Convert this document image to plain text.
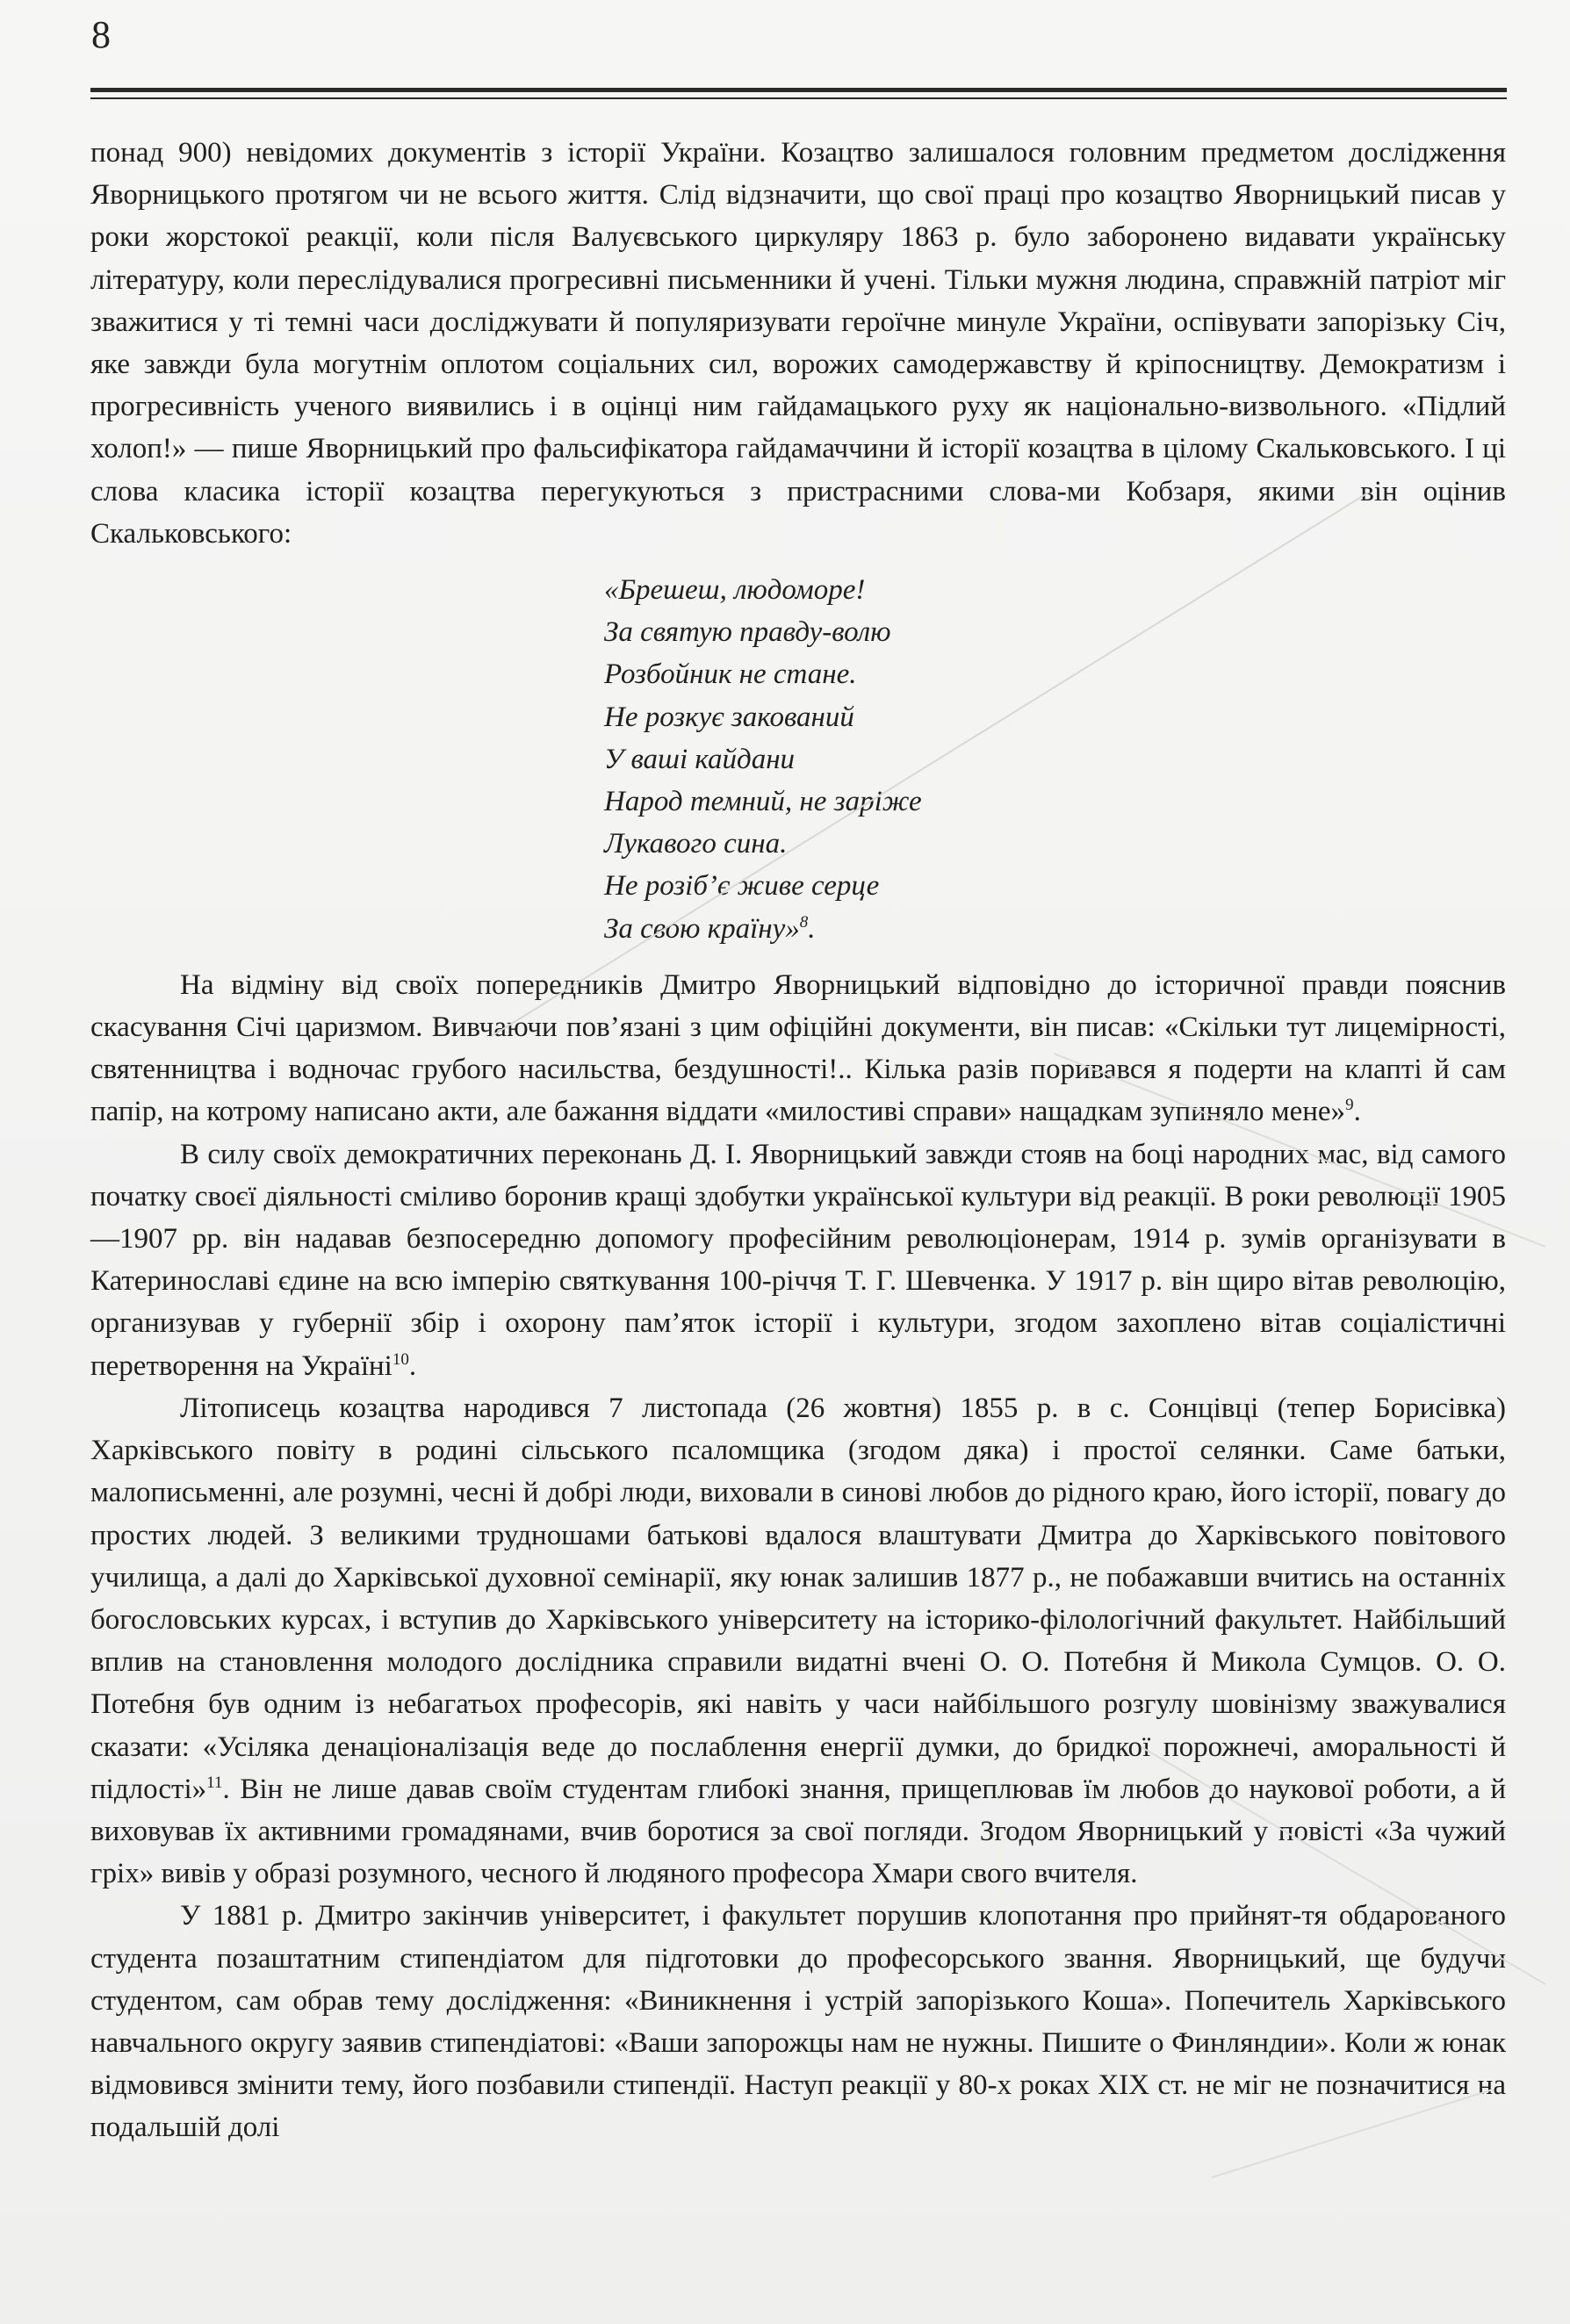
8

понад 900) невідомих документів з історії України. Козацтво залишалося головним предметом дослідження Яворницького протягом чи не всього життя. Слід відзначити, що свої праці про козацтво Яворницький писав у роки жорстокої реакції, коли після Валуєвського циркуляру 1863 р. було заборонено видавати українську літературу, коли переслідувалися прогресивні письменники й учені. Тільки мужня людина, справжній патріот міг зважитися у ті темні часи досліджувати й популяризувати героїчне минуле України, оспівувати запорізьку Січ, яке завжди була могутнім оплотом соціальних сил, ворожих самодержавству й кріпосництву. Демократизм і прогресивність ученого виявились і в оцінці ним гайдамацького руху як національно-визвольного. «Підлий холоп!» — пише Яворницький про фальсифікатора гайдамаччини й історії козацтва в цілому Скальковського. І ці слова класика історії козацтва перегукуються з пристрасними слова-ми Кобзаря, якими він оцінив Скальковського:

«Брешеш, людоморе!
За святую правду-волю
Розбойник не стане.
Не розкує закований
У ваші кайдани
Народ темний, не заріже
Лукавого сина.
Не розіб’є живе серце
За свою країну»$^8$.

На відміну від своїх попередників Дмитро Яворницький відповідно до історичної правди пояснив скасування Січі царизмом. Вивчаючи пов’язані з цим офіційні документи, він писав: «Скільки тут лицемірності, святенництва і водночас грубого насильства, бездушності!.. Кілька разів поривався я подерти на клапті й сам папір, на котрому написано акти, але бажання віддати «милостиві справи» нащадкам зупиняло мене»$^9$.

В силу своїх демократичних переконань Д. І. Яворницький завжди стояв на боці народних мас, від самого початку своєї діяльності сміливо боронив кращі здобутки української культури від реакції. В роки революції 1905—1907 рр. він надавав безпосередню допомогу професійним революціонерам, 1914 р. зумів організувати в Катеринославі єдине на всю імперію святкування 100-річчя Т. Г. Шевченка. У 1917 р. він щиро вітав революцію, организував у губернії збір і охорону пам’яток історії і культури, згодом захоплено вітав соціалістичні перетворення на Україні$^{10}$.

Літописець козацтва народився 7 листопада (26 жовтня) 1855 р. в с. Сонцівці (тепер Борисівка) Харківського повіту в родині сільського псаломщика (згодом дяка) і простої селянки. Саме батьки, малописьменні, але розумні, чесні й добрі люди, виховали в синові любов до рідного краю, його історії, повагу до простих людей. З великими трудношами батькові вдалося влаштувати Дмитра до Харківського повітового училища, а далі до Харківської духовної семінарії, яку юнак залишив 1877 р., не побажавши вчитись на останніх богословських курсах, і вступив до Харківського університету на історико-філологічний факультет. Найбільший вплив на становлення молодого дослідника справили видатні вчені О. О. Потебня й Микола Сумцов. О. О. Потебня був одним із небагатьох професорів, які навіть у часи найбільшого розгулу шовінізму зважувалися сказати: «Усіляка денаціоналізація веде до послаблення енергії думки, до бридкої порожнечі, аморальності й підлості»$^{11}$. Він не лише давав своїм студентам глибокі знання, прищеплював їм любов до наукової роботи, а й виховував їх активними громадянами, вчив боротися за свої погляди. Згодом Яворницький у повісті «За чужий гріх» вивів у образі розумного, чесного й людяного професора Хмари свого вчителя.

У 1881 р. Дмитро закінчив університет, і факультет порушив клопотання про прийнят-тя обдарованого студента позаштатним стипендіатом для підготовки до професорського звання. Яворницький, ще будучи студентом, сам обрав тему дослідження: «Виникнення і устрій запорізького Коша». Попечитель Харківського навчального округу заявив стипендіатові: «Ваши запорожцы нам не нужны. Пишите о Финляндии». Коли ж юнак відмовився змінити тему, його позбавили стипендії. Наступ реакції у 80-х роках XIX ст. не міг не позначитися на подальшій долі
